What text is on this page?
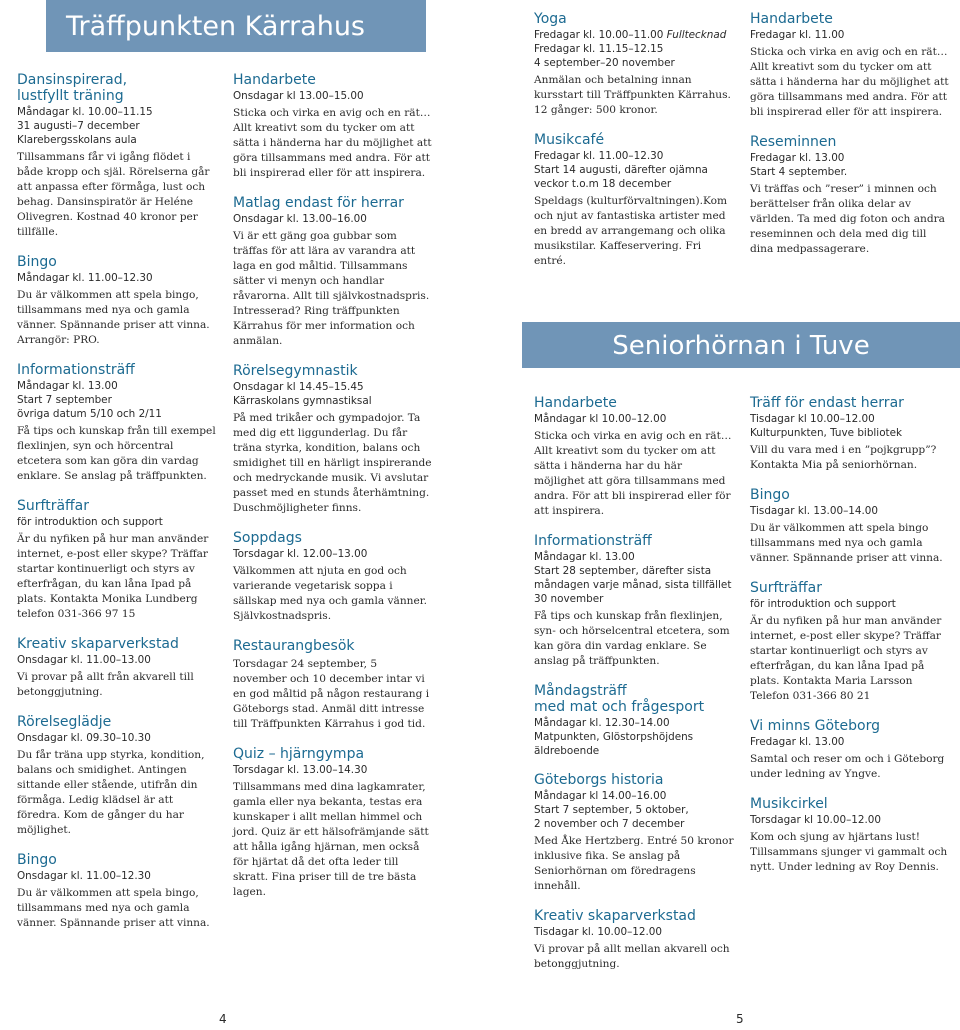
Träffpunkten Kärrahus
Dansinspirerad,
lustfyllt träning
Måndagar kl. 10.00–11.15
31 augusti–7 december
Klarebergsskolans aula
Tillsammans får vi igång flödet i både kropp och själ. Rörelserna går att anpassa efter förmåga, lust och behag. Dansinspiratör är Heléne Olivegren. Kostnad 40 kronor per tillfälle.
Bingo
Måndagar kl. 11.00–12.30
Du är välkommen att spela bingo, tillsammans med nya och gamla vänner. Spännande priser att vinna. Arrangör: PRO.
Informationsträff
Måndagar kl. 13.00
Start 7 september
övriga datum 5/10 och 2/11
Få tips och kunskap från till exempel flexlinjen, syn och hörcentral etcetera som kan göra din vardag enklare. Se anslag på träffpunkten.
Surfträffar
för introduktion och support
Är du nyfiken på hur man använder internet, e-post eller skype? Träffar startar kontinuerligt och styrs av efterfrågan, du kan låna Ipad på plats. Kontakta Monika Lundberg telefon 031-366 97 15
Kreativ skaparverkstad
Onsdagar kl. 11.00–13.00
Vi provar på allt från akvarell till betonggjutning.
Rörelseglädje
Onsdagar kl. 09.30–10.30
Du får träna upp styrka, kondition, balans och smidighet. Antingen sittande eller stående, utifrån din förmåga. Ledig klädsel är att föredra. Kom de gånger du har möjlighet.
Bingo
Onsdagar kl. 11.00–12.30
Du är välkommen att spela bingo, tillsammans med nya och gamla vänner. Spännande priser att vinna.
Handarbete
Onsdagar kl 13.00–15.00
Sticka och virka en avig och en rät… Allt kreativt som du tycker om att sätta i händerna har du möjlighet att göra tillsammans med andra. För att bli inspirerad eller för att inspirera.
Matlag endast för herrar
Onsdagar kl. 13.00–16.00
Vi är ett gäng goa gubbar som träffas för att lära av varandra att laga en god måltid. Tillsammans sätter vi menyn och handlar råvarorna. Allt till självkostnadspris. Intresserad? Ring träffpunkten Kärrahus för mer information och anmälan.
Rörelsegymnastik
Onsdagar kl 14.45–15.45
Kärraskolans gymnastiksal
På med trikåer och gympadojor. Ta med dig ett liggunderlag. Du får träna styrka, kondition, balans och smidighet till en härligt inspirerande och medryckande musik. Vi avslutar passet med en stunds återhämtning. Duschmöjligheter finns.
Soppdags
Torsdagar kl. 12.00–13.00
Välkommen att njuta en god och varierande vegetarisk soppa i sällskap med nya och gamla vänner. Självkostnadspris.
Restaurangbesök
Torsdagar 24 september, 5 november och 10 december intar vi en god måltid på någon restaurang i Göteborgs stad. Anmäl ditt intresse till Träffpunkten Kärrahus i god tid.
Quiz – hjärngympa
Torsdagar kl. 13.00–14.30
Tillsammans med dina lagkamrater, gamla eller nya bekanta, testas era kunskaper i allt mellan himmel och jord. Quiz är ett hälsofrämjande sätt att hålla igång hjärnan, men också för hjärtat då det ofta leder till skratt. Fina priser till de tre bästa lagen.
Yoga
Fredagar kl. 10.00–11.00 Fulltecknad
Fredagar kl. 11.15–12.15
4 september–20 november
Anmälan och betalning innan kursstart till Träffpunkten Kärrahus. 12 gånger: 500 kronor.
Musikcafé
Fredagar kl. 11.00–12.30
Start 14 augusti, därefter ojämna veckor t.o.m 18 december
Speldags (kulturförvaltningen).Kom och njut av fantastiska artister med en bredd av arrangemang och olika musikstilar. Kaffeservering. Fri entré.
Handarbete
Fredagar kl. 11.00
Sticka och virka en avig och en rät… Allt kreativt som du tycker om att sätta i händerna har du möjlighet att göra tillsammans med andra. För att bli inspirerad eller för att inspirera.
Reseminnen
Fredagar kl. 13.00
Start 4 september.
Vi träffas och ”reser” i minnen och berättelser från olika delar av världen. Ta med dig foton och andra reseminnen och dela med dig till dina medpassagerare.
Seniorhörnan i Tuve
Handarbete
Måndagar kl 10.00–12.00
Sticka och virka en avig och en rät… Allt kreativt som du tycker om att sätta i händerna har du här möjlighet att göra tillsammans med andra. För att bli inspirerad eller för att inspirera.
Informationsträff
Måndagar kl. 13.00
Start 28 september, därefter sista måndagen varje månad, sista tillfället 30 november
Få tips och kunskap från flexlinjen, syn- och hörselcentral etcetera, som kan göra din vardag enklare. Se anslag på träffpunkten.
Måndagsträff
med mat och frågesport
Måndagar kl. 12.30–14.00
Matpunkten, Glöstorpshöjdens äldreboende
Göteborgs historia
Måndagar kl 14.00–16.00
Start 7 september, 5 oktober,
2 november och 7 december
Med Åke Hertzberg. Entré 50 kronor inklusive fika. Se anslag på Seniorhörnan om föredragens innehåll.
Kreativ skaparverkstad
Tisdagar kl. 10.00–12.00
Vi provar på allt mellan akvarell och betonggjutning.
Träff för endast herrar
Tisdagar kl 10.00–12.00
Kulturpunkten, Tuve bibliotek
Vill du vara med i en ”pojkgrupp”? Kontakta Mia på seniorhörnan.
Bingo
Tisdagar kl. 13.00–14.00
Du är välkommen att spela bingo tillsammans med nya och gamla vänner. Spännande priser att vinna.
Surfträffar
för introduktion och support
Är du nyfiken på hur man använder internet, e-post eller skype? Träffar startar kontinuerligt och styrs av efterfrågan, du kan låna Ipad på plats. Kontakta Maria Larsson Telefon 031-366 80 21
Vi minns Göteborg
Fredagar kl. 13.00
Samtal och reser om och i Göteborg under ledning av Yngve.
Musikcirkel
Torsdagar kl 10.00–12.00
Kom och sjung av hjärtans lust! Tillsammans sjunger vi gammalt och nytt. Under ledning av Roy Dennis.
4	5
